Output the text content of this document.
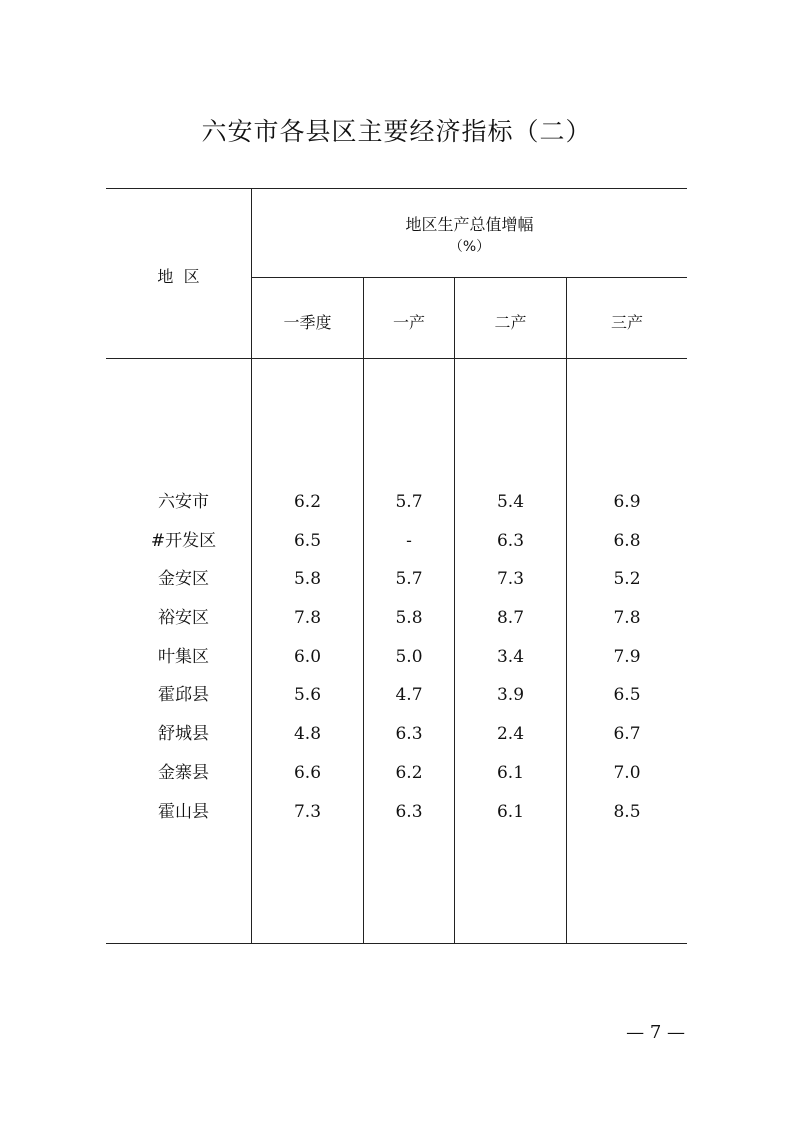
六安市各县区主要经济指标（二）
地  区
地区生产总值增幅
（%）
一季度	一产	二产	三产
六安市	6.2	5.7	5.4	6.9
#开发区	6.5	-	6.3	6.8
金安区	5.8	5.7	7.3	5.2
裕安区	7.8	5.8	8.7	7.8
叶集区	6.0	5.0	3.4	7.9
霍邱县	5.6	4.7	3.9	6.5
舒城县	4.8	6.3	2.4	6.7
金寨县	6.6	6.2	6.1	7.0
霍山县	7.3	6.3	6.1	8.5
— 7 —
